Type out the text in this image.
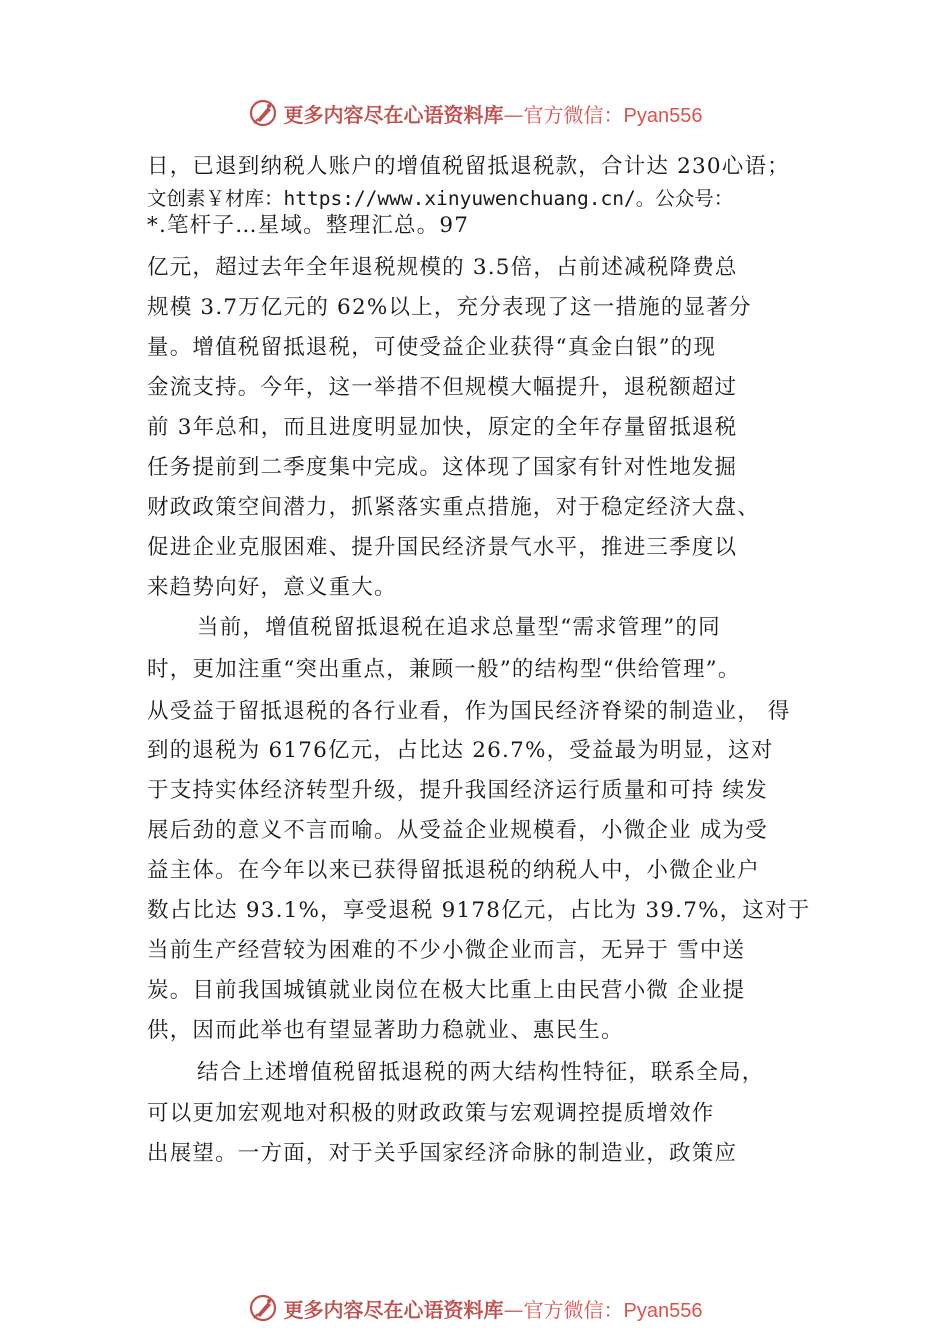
更多内容尽在心语资料库—官方微信：Pyan556
日，已退到纳税人账户的增值税留抵退税款，合计达 230心语；
文创素￥材库：https://www.xinyuwenchuang.cn/。公众号：
*.笔杆子…星域。整理汇总。97
亿元，超过去年全年退税规模的 3.5倍，占前述减税降费总
规模 3.7万亿元的 62%以上，充分表现了这一措施的显著分
量。增值税留抵退税，可使受益企业获得“真金白银”的现
金流支持。今年，这一举措不但规模大幅提升，退税额超过
前 3年总和，而且进度明显加快，原定的全年存量留抵退税
任务提前到二季度集中完成。这体现了国家有针对性地发掘
财政政策空间潜力，抓紧落实重点措施，对于稳定经济大盘、
促进企业克服困难、提升国民经济景气水平，推进三季度以
来趋势向好，意义重大。
当前，增值税留抵退税在追求总量型“需求管理”的同
时，更加注重“突出重点，兼顾一般”的结构型“供给管理”。
从受益于留抵退税的各行业看，作为国民经济脊梁的制造业， 得
到的退税为 6176亿元，占比达 26.7%，受益最为明显，这对
于支持实体经济转型升级，提升我国经济运行质量和可持 续发
展后劲的意义不言而喻。从受益企业规模看，小微企业 成为受
益主体。在今年以来已获得留抵退税的纳税人中，小微企业户
数占比达 93.1%，享受退税 9178亿元，占比为 39.7%，这对于
当前生产经营较为困难的不少小微企业而言，无异于 雪中送
炭。目前我国城镇就业岗位在极大比重上由民营小微 企业提
供，因而此举也有望显著助力稳就业、惠民生。
结合上述增值税留抵退税的两大结构性特征，联系全局，
可以更加宏观地对积极的财政政策与宏观调控提质增效作
出展望。一方面，对于关乎国家经济命脉的制造业，政策应
更多内容尽在心语资料库—官方微信：Pyan556
